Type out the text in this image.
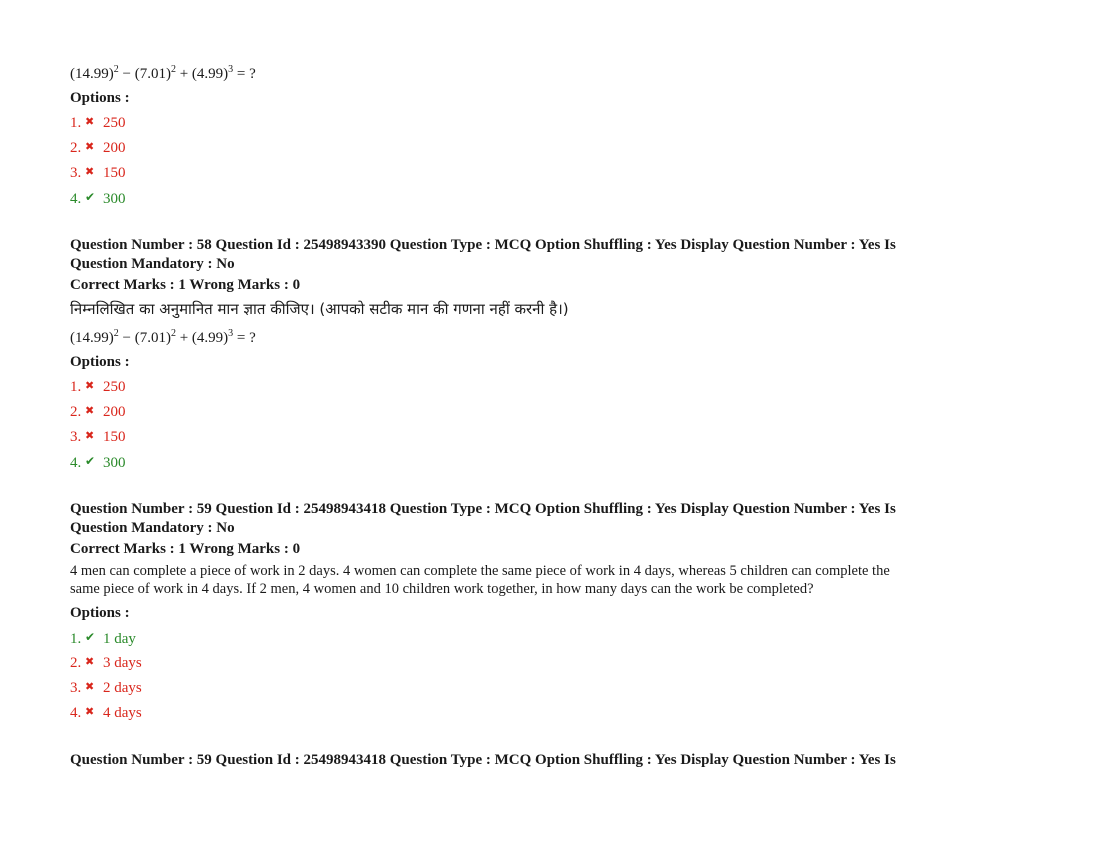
$(14.99)^2 - (7.01)^2 + (4.99)^3$ = ?
Options :
1. ✖ 250
2. ✖ 200
3. ✖ 150
4. ✔ 300
Question Number : 58 Question Id : 25498943390 Question Type : MCQ Option Shuffling : Yes Display Question Number : Yes Is
Question Mandatory : No
Correct Marks : 1 Wrong Marks : 0
निम्नलिखित का अनुमानित मान ज्ञात कीजिए। (आपको सटीक मान की गणना नहीं करनी है।)
$(14.99)^2 - (7.01)^2 + (4.99)^3$ = ?
Options :
1. ✖ 250
2. ✖ 200
3. ✖ 150
4. ✔ 300
Question Number : 59 Question Id : 25498943418 Question Type : MCQ Option Shuffling : Yes Display Question Number : Yes Is
Question Mandatory : No
Correct Marks : 1 Wrong Marks : 0
4 men can complete a piece of work in 2 days. 4 women can complete the same piece of work in 4 days, whereas 5 children can complete the
same piece of work in 4 days. If 2 men, 4 women and 10 children work together, in how many days can the work be completed?
Options :
1. ✔ 1 day
2. ✖ 3 days
3. ✖ 2 days
4. ✖ 4 days
Question Number : 59 Question Id : 25498943418 Question Type : MCQ Option Shuffling : Yes Display Question Number : Yes Is
